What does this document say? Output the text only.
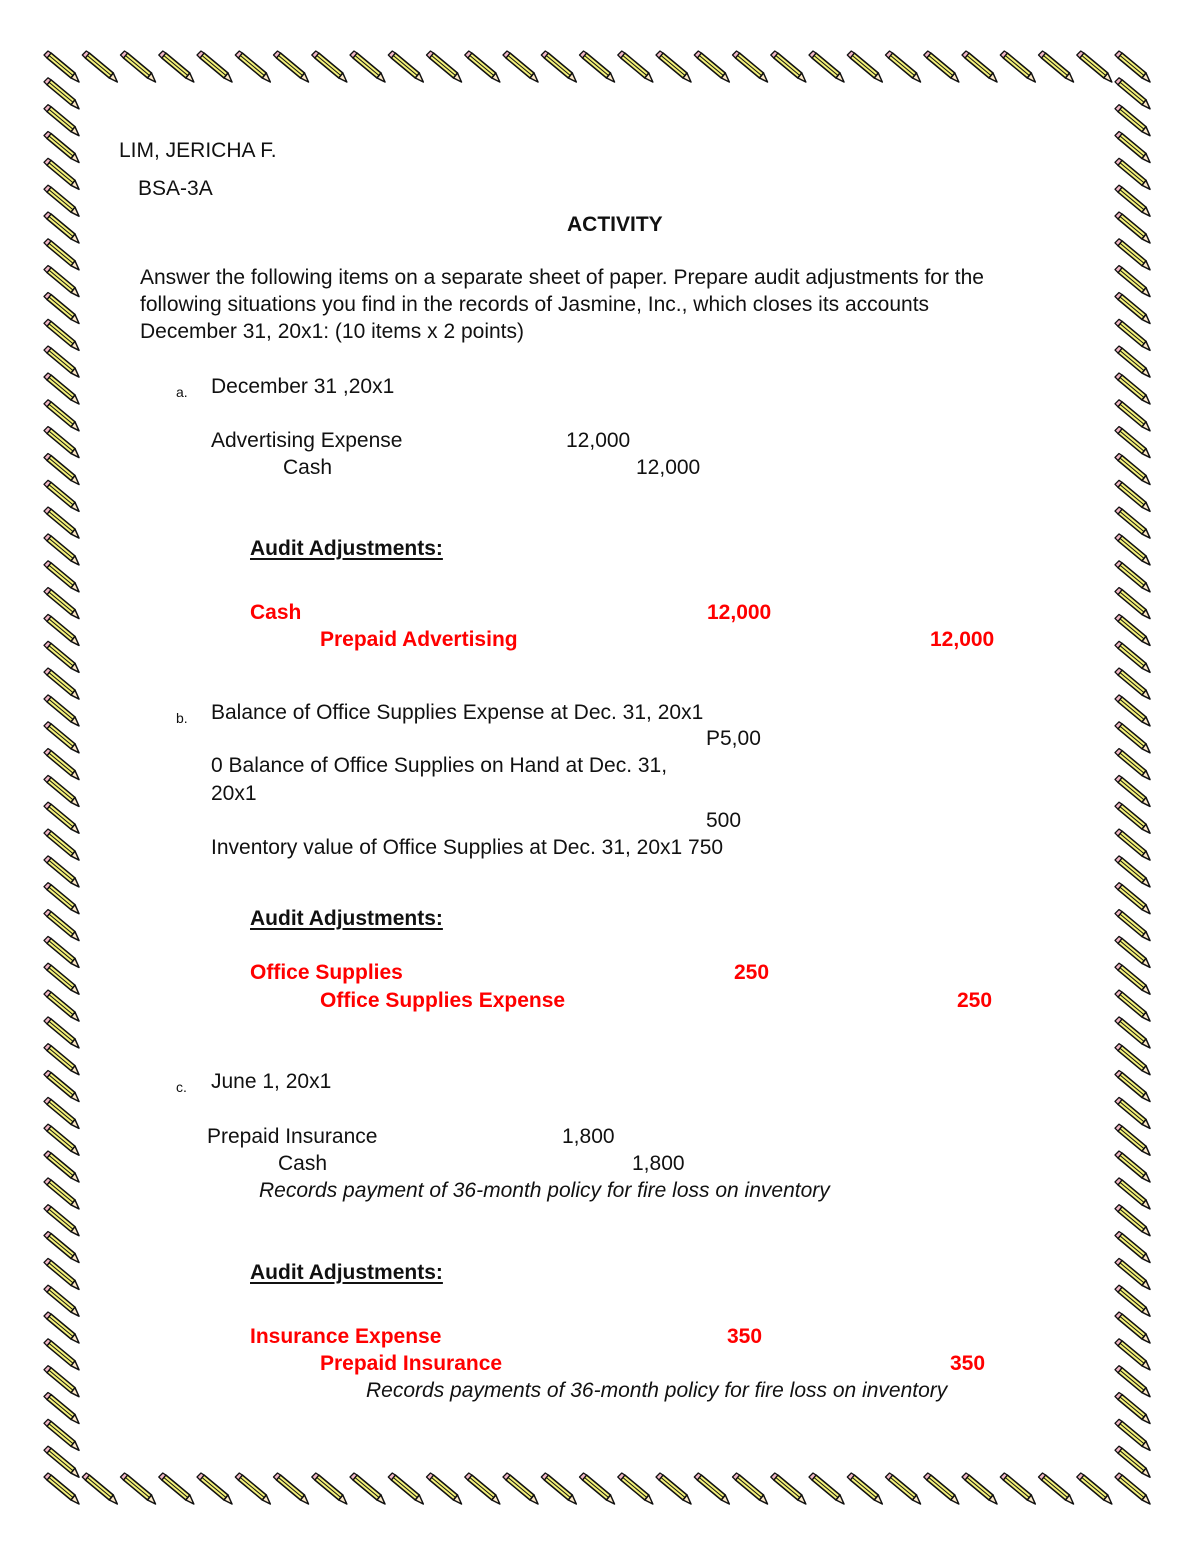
LIM, JERICHA F.
BSA-3A
ACTIVITY
Answer the following items on a separate sheet of paper. Prepare audit adjustments for the
following situations you find in the records of Jasmine, Inc., which closes its accounts
December 31, 20x1: (10 items x 2 points)
a. December 31 ,20x1
Advertising Expense	12,000
Cash	12,000
Audit Adjustments:
Cash	12,000
Prepaid Advertising	12,000
b. Balance of Office Supplies Expense at Dec. 31, 20x1
P5,00
0 Balance of Office Supplies on Hand at Dec. 31,
20x1
500
Inventory value of Office Supplies at Dec. 31, 20x1 750
Audit Adjustments:
Office Supplies	250
Office Supplies Expense	250
c. June 1, 20x1
Prepaid Insurance	1,800
Cash	1,800
Records payment of 36-month policy for fire loss on inventory
Audit Adjustments:
Insurance Expense	350
Prepaid Insurance	350
Records payments of 36-month policy for fire loss on inventory
